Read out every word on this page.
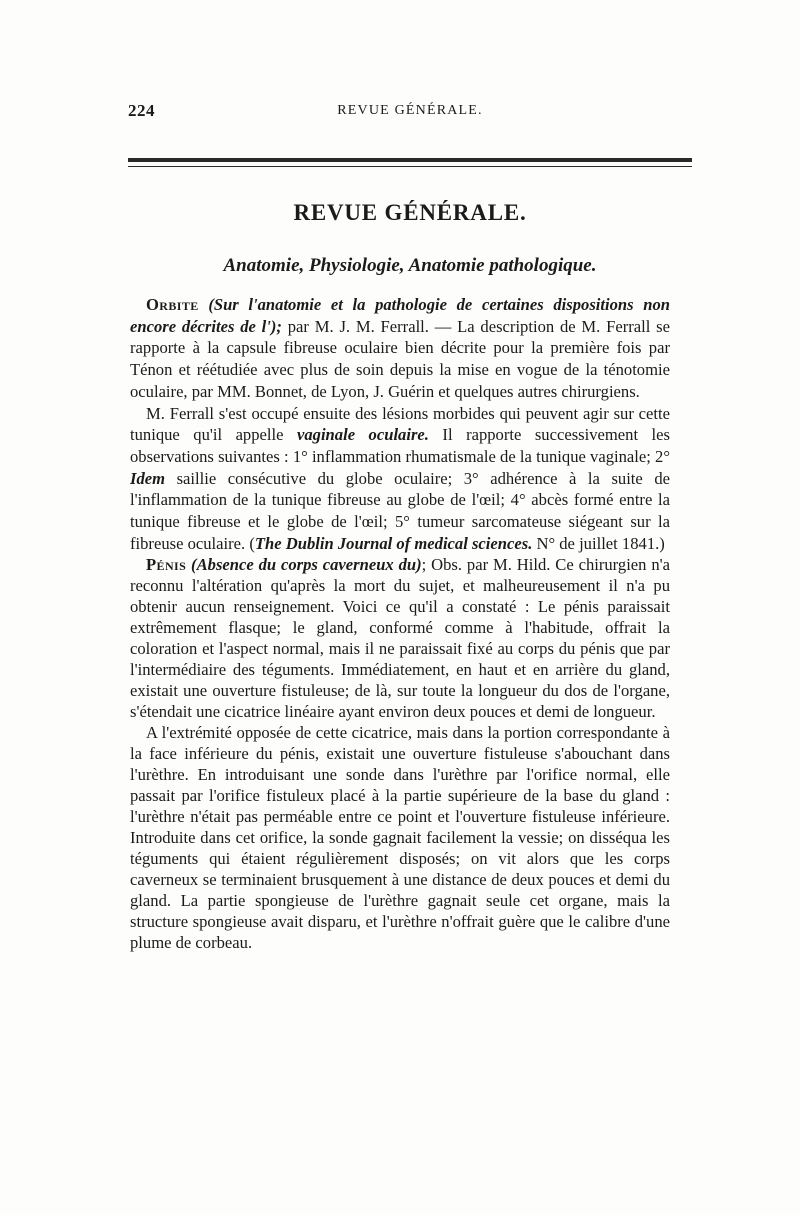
224	REVUE GÉNÉRALE.
REVUE GÉNÉRALE.
Anatomie, Physiologie, Anatomie pathologique.

Orbite (Sur l'anatomie et la pathologie de certaines dispositions non encore décrites de l'); par M. J. M. Ferrall. — La description de M. Ferrall se rapporte à la capsule fibreuse oculaire bien décrite pour la première fois par Ténon et réétudiée avec plus de soin depuis la mise en vogue de la ténotomie oculaire, par MM. Bonnet, de Lyon, J. Guérin et quelques autres chirurgiens.

M. Ferrall s'est occupé ensuite des lésions morbides qui peuvent agir sur cette tunique qu'il appelle vaginale oculaire. Il rapporte successivement les observations suivantes : 1° inflammation rhumatismale de la tunique vaginale; 2° Idem saillie consécutive du globe oculaire; 3° adhérence à la suite de l'inflammation de la tunique fibreuse au globe de l'œil; 4° abcès formé entre la tunique fibreuse et le globe de l'œil; 5° tumeur sarcomateuse siégeant sur la fibreuse oculaire. (The Dublin Journal of medical sciences. N° de juillet 1841.)

Pénis (Absence du corps caverneux du); Obs. par M. Hild. Ce chirurgien n'a reconnu l'altération qu'après la mort du sujet, et malheureusement il n'a pu obtenir aucun renseignement. Voici ce qu'il a constaté : Le pénis paraissait extrêmement flasque; le gland, conformé comme à l'habitude, offrait la coloration et l'aspect normal, mais il ne paraissait fixé au corps du pénis que par l'intermédiaire des téguments. Immédiatement, en haut et en arrière du gland, existait une ouverture fistuleuse; de là, sur toute la longueur du dos de l'organe, s'étendait une cicatrice linéaire ayant environ deux pouces et demi de longueur.

A l'extrémité opposée de cette cicatrice, mais dans la portion correspondante à la face inférieure du pénis, existait une ouverture fistuleuse s'abouchant dans l'urèthre. En introduisant une sonde dans l'urèthre par l'orifice normal, elle passait par l'orifice fistuleux placé à la partie supérieure de la base du gland : l'urèthre n'était pas perméable entre ce point et l'ouverture fistuleuse inférieure. Introduite dans cet orifice, la sonde gagnait facilement la vessie; on disséqua les téguments qui étaient régulièrement disposés; on vit alors que les corps caverneux se terminaient brusquement à une distance de deux pouces et demi du gland. La partie spongieuse de l'urèthre gagnait seule cet organe, mais la structure spongieuse avait disparu, et l'urèthre n'offrait guère que le calibre d'une plume de corbeau.
